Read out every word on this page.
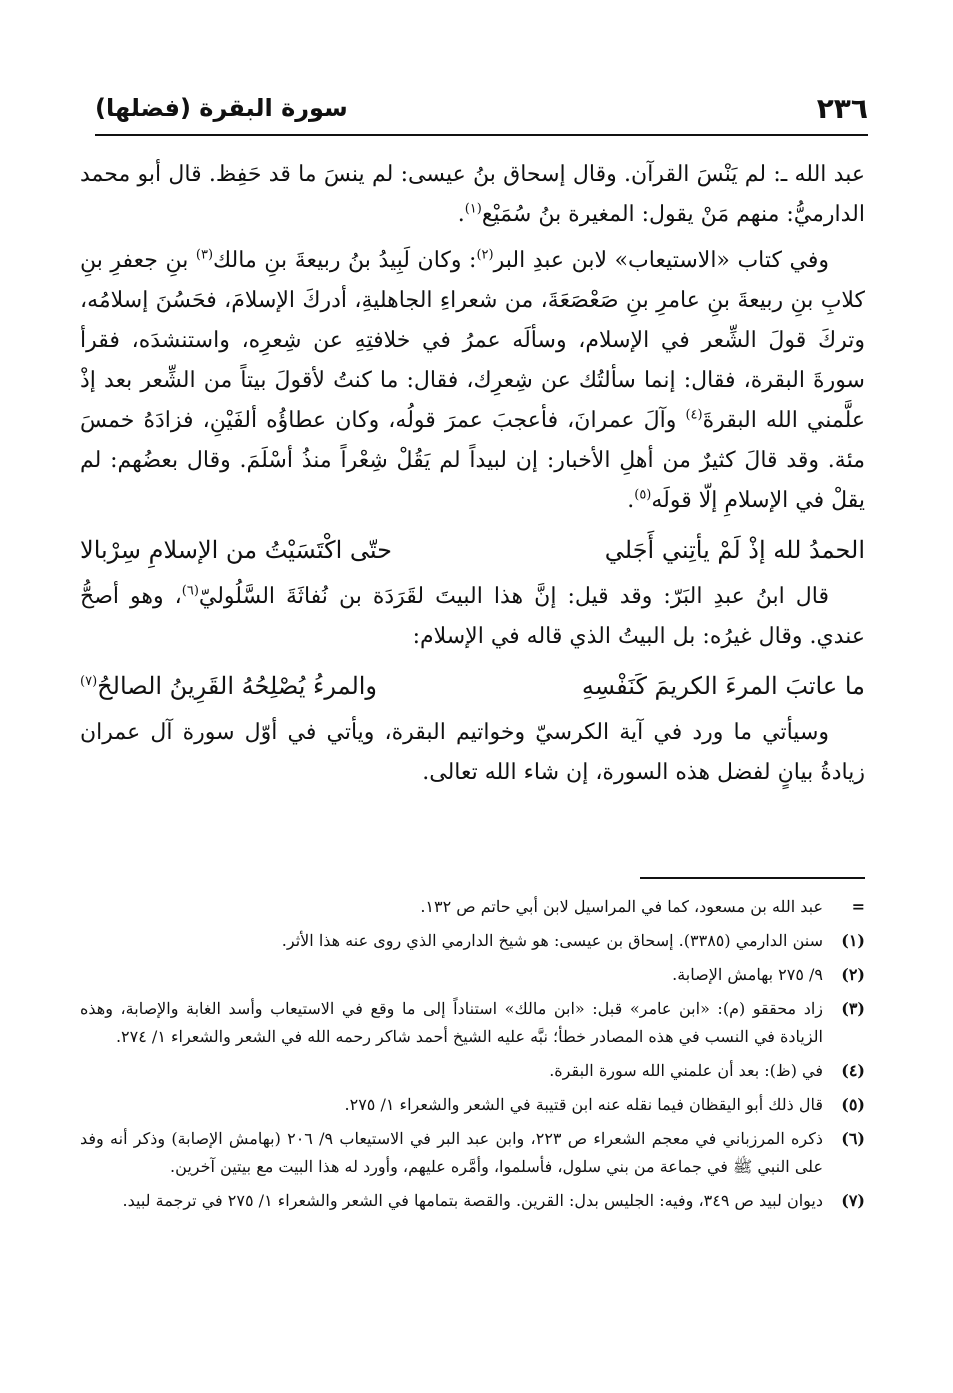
٢٣٦
سورة البقرة (فضلها)

عبد الله ـ: لم يَنْسَ القرآن. وقال إسحاق بنُ عيسى: لم ينسَ ما قد حَفِظ. قال أبو محمد الدارميُّ: منهم مَنْ يقول: المغيرة بنُ سُمَيْع$^{(١)}$.

وفي كتاب «الاستيعاب» لابن عبدِ البر$^{(٢)}$: وكان لَبِيدُ بنُ ربيعةَ بنِ مالك$^{(٣)}$ بنِ جعفرِ بنِ كلابِ بنِ ربيعةَ بنِ عامرِ بنِ صَعْصَعَةَ، من شعراءِ الجاهليةِ، أدركَ الإسلامَ، فحَسُنَ إسلامُه، وتركَ قولَ الشِّعر في الإسلام، وسألَه عمرُ في خلافتِهِ عن شِعرِه، واستنشدَه، فقرأ سورةَ البقرة، فقال: إنما سألتُك عن شِعرِك، فقال: ما كنتُ لأقولَ بيتاً من الشِّعر بعد إذْ علَّمني الله البقرةَ$^{(٤)}$ وآلَ عمرانَ، فأعجبَ عمرَ قولُه، وكان عطاؤُه ألفَيْنِ، فزادَهُ خمسَ مئة. وقد قالَ كثيرٌ من أهلِ الأخبار: إن لبيداً لم يَقُلْ شِعْراً منذُ أسْلَمَ. وقال بعضُهم: لم يقلْ في الإسلامِ إلّا قولَه$^{(٥)}$.

الحمدُ لله إذْ لَمْ يأتِني أَجَلي
حتّى اكْتَسَيْتُ من الإسلامِ سِرْبالا

قال ابنُ عبدِ البَرّ: وقد قيل: إنَّ هذا البيتَ لقَرَدَة بن نُفاثَةَ السَّلُوليّ$^{(٦)}$، وهو أصحُّ عندي. وقال غيرُه: بل البيتُ الذي قاله في الإسلام:

ما عاتبَ المرءَ الكريمَ كَنَفْسِهِ
والمرءُ يُصْلِحُهُ القَرِينُ الصالحُ$^{(٧)}$

وسيأتي ما ورد في آية الكرسيّ وخواتيم البقرة، ويأتي في أوّل سورة آل عمران زيادةُ بيانٍ لفضل هذه السورة، إن شاء الله تعالى.

=
عبد الله بن مسعود، كما في المراسيل لابن أبي حاتم ص ١٣٢.
(١)
سنن الدارمي (٣٣٨٥). إسحاق بن عيسى: هو شيخ الدارمي الذي روى عنه هذا الأثر.
(٢)
٩/ ٢٧٥ بهامش الإصابة.
(٣)
زاد محققو (م): «ابن عامر» قبل: «ابن مالك» استناداً إلى ما وقع في الاستيعاب وأسد الغابة والإصابة، وهذه الزيادة في النسب في هذه المصادر خطأ؛ نبَّه عليه الشيخ أحمد شاكر رحمه الله في الشعر والشعراء ١/ ٢٧٤.
(٤)
في (ظ): بعد أن علمني الله سورة البقرة.
(٥)
قال ذلك أبو اليقظان فيما نقله عنه ابن قتيبة في الشعر والشعراء ١/ ٢٧٥.
(٦)
ذكره المرزباني في معجم الشعراء ص ٢٢٣، وابن عبد البر في الاستيعاب ٩/ ٢٠٦ (بهامش الإصابة) وذكر أنه وفد على النبي ﷺ في جماعة من بني سلول، فأسلموا، وأمَّره عليهم، وأورد له هذا البيت مع بيتين آخرين.
(٧)
ديوان لبيد ص ٣٤٩، وفيه: الجليس بدل: القرين. والقصة بتمامها في الشعر والشعراء ١/ ٢٧٥ في ترجمة لبيد.
